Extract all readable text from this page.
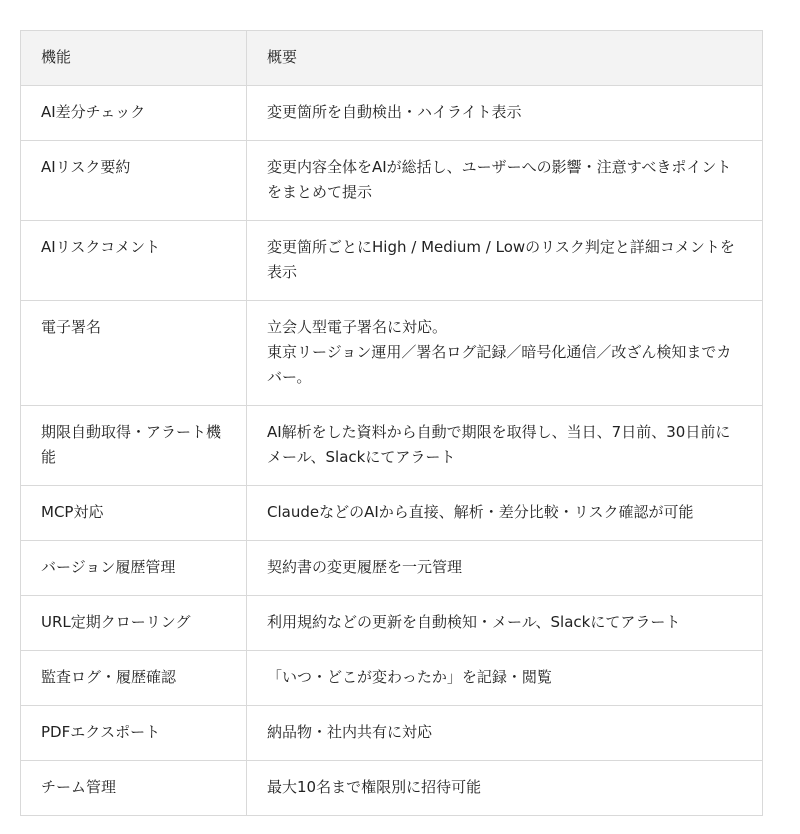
機能	概要
AI差分チェック	変更箇所を自動検出・ハイライト表示

AIリスク要約	変更内容全体をAIが総括し、ユーザーへの影響・注意すべきポイントをまとめて提示

AIリスクコメント	変更箇所ごとにHigh / Medium / Lowのリスク判定と詳細コメントを表示

電子署名	立会人型電子署名に対応。
東京リージョン運用／署名ログ記録／暗号化通信／改ざん検知までカバー。

期限自動取得・アラート機能	AI解析をした資料から自動で期限を取得し、当日、7日前、30日前にメール、Slackにてアラート

MCP対応	ClaudeなどのAIから直接、解析・差分比較・リスク確認が可能

バージョン履歴管理	契約書の変更履歴を一元管理

URL定期クローリング	利用規約などの更新を自動検知・メール、Slackにてアラート

監査ログ・履歴確認	「いつ・どこが変わったか」を記録・閲覧

PDFエクスポート	納品物・社内共有に対応

チーム管理	最大10名まで権限別に招待可能
